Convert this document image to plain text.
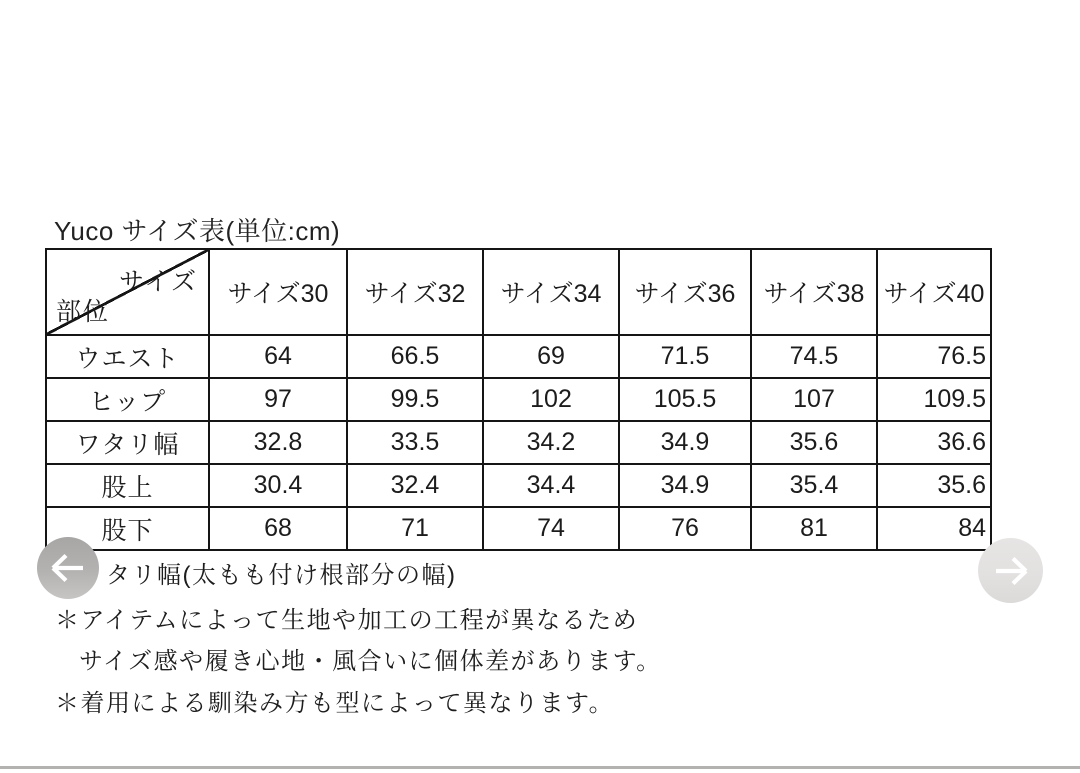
Yuco サイズ表(単位:cm)
サイズ
部位	サイズ30	サイズ32	サイズ34	サイズ36	サイズ38	サイズ40
ウエスト	64	66.5	69	71.5	74.5	76.5
ヒップ	97	99.5	102	105.5	107	109.5
ワタリ幅	32.8	33.5	34.2	34.9	35.6	36.6
股上	30.4	32.4	34.4	34.9	35.4	35.6
股下	68	71	74	76	81	84
タリ幅(太もも付け根部分の幅)
＊アイテムによって生地や加工の工程が異なるため
サイズ感や履き心地・風合いに個体差があります。
＊着用による馴染み方も型によって異なります。
